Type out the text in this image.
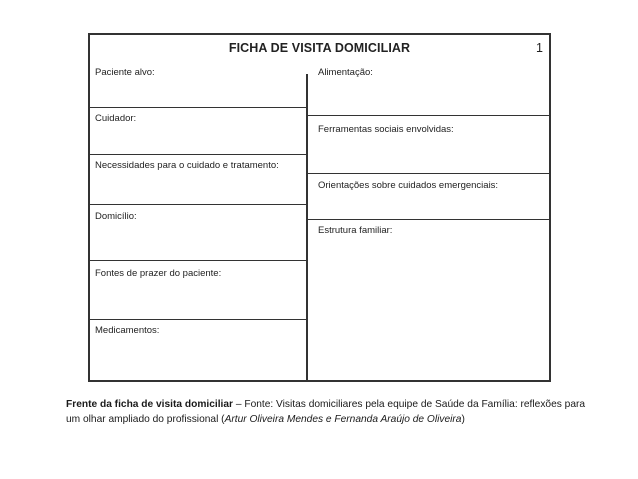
FICHA DE VISITA DOMICILIAR	1
Paciente alvo:
Cuidador:
Necessidades para o cuidado e tratamento:
Domicílio:
Fontes de prazer do paciente:
Medicamentos:
Alimentação:
Ferramentas sociais envolvidas:
Orientações sobre cuidados emergenciais:
Estrutura familiar:
Frente da ficha de visita domiciliar – Fonte: Visitas domiciliares pela equipe de Saúde da Família: reflexões para um olhar ampliado do profissional (Artur Oliveira Mendes e Fernanda Araújo de Oliveira)
